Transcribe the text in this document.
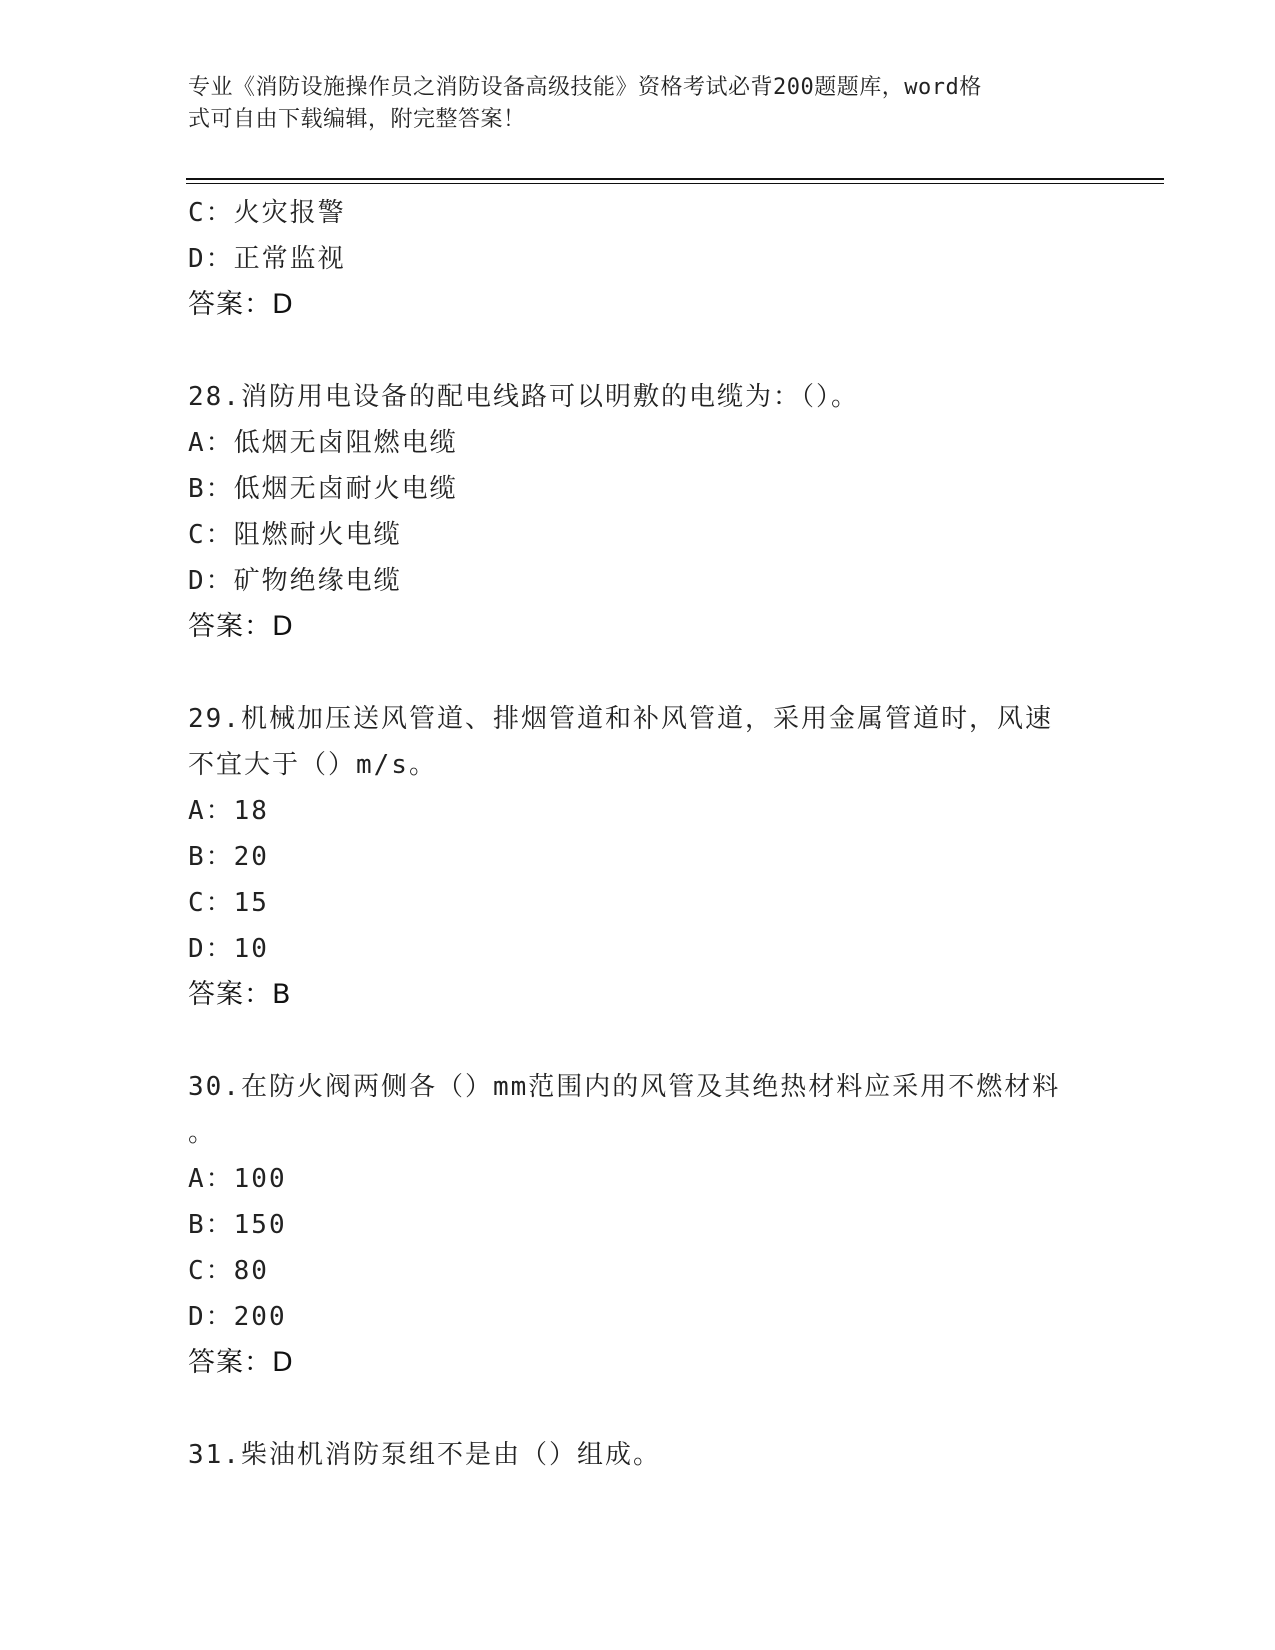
专业《消防设施操作员之消防设备高级技能》资格考试必背200题题库，word格
式可自由下载编辑，附完整答案！
C：火灾报警
D：正常监视
答案：D
28.消防用电设备的配电线路可以明敷的电缆为：（）。
A：低烟无卤阻燃电缆
B：低烟无卤耐火电缆
C：阻燃耐火电缆
D：矿物绝缘电缆
答案：D
29.机械加压送风管道、排烟管道和补风管道，采用金属管道时，风速
不宜大于（）m/s。
A：18
B：20
C：15
D：10
答案：B
30.在防火阀两侧各（）mm范围内的风管及其绝热材料应采用不燃材料
。
A：100
B：150
C：80
D：200
答案：D
31.柴油机消防泵组不是由（）组成。
